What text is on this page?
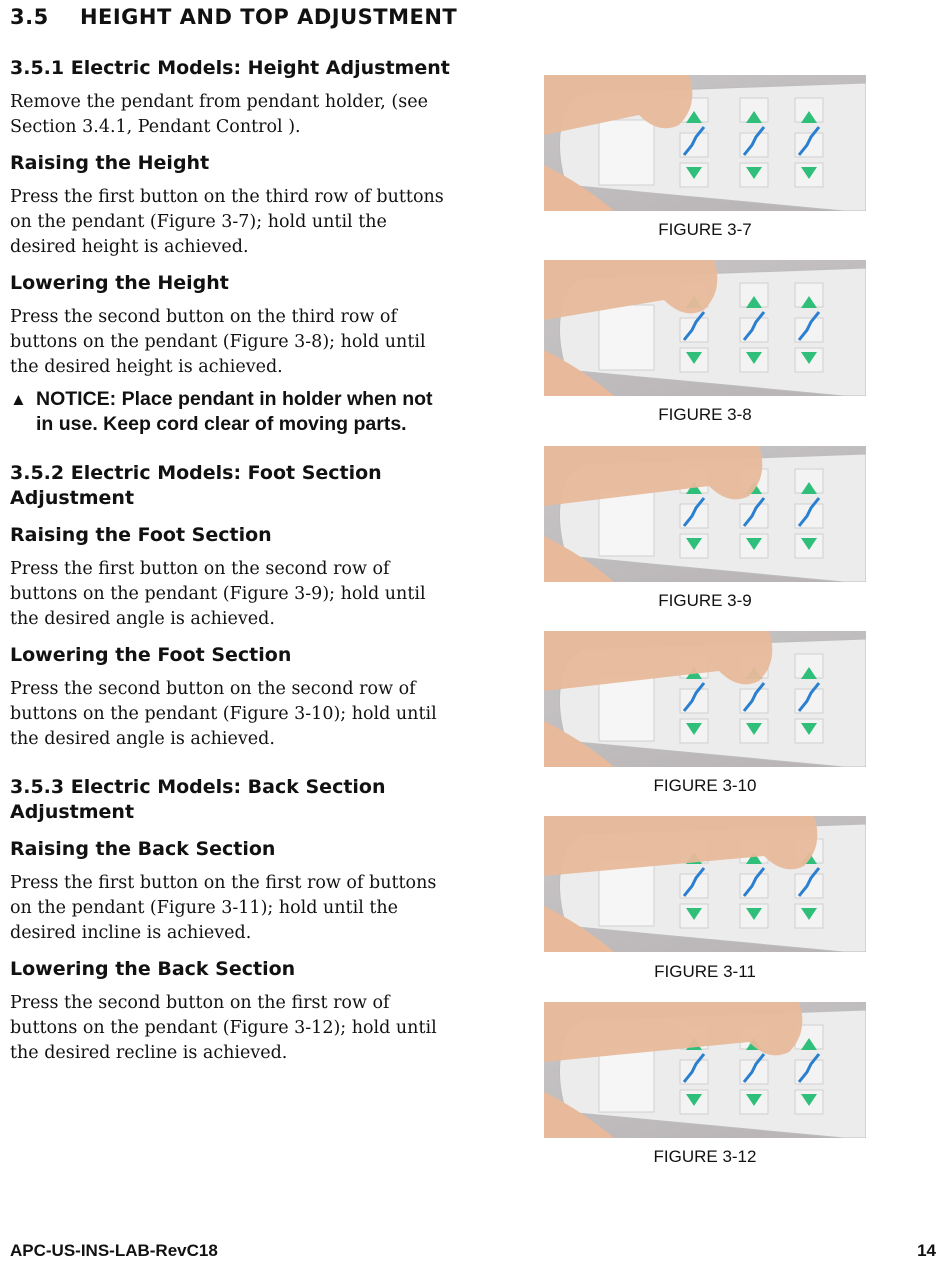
3.5    HEIGHT AND TOP ADJUSTMENT
3.5.1 Electric Models: Height Adjustment
Remove the pendant from pendant holder, (see
Section 3.4.1, Pendant Control ).
Raising the Height
Press the first button on the third row of buttons
on the pendant (Figure 3-7); hold until the
desired height is achieved.
Lowering the Height
Press the second button on the third row of
buttons on the pendant (Figure 3-8); hold until
the desired height is achieved.
▲ NOTICE: Place pendant in holder when not
in use. Keep cord clear of moving parts.
3.5.2 Electric Models: Foot Section
Adjustment
Raising the Foot Section
Press the first button on the second row of
buttons on the pendant (Figure 3-9); hold until
the desired angle is achieved.
Lowering the Foot Section
Press the second button on the second row of
buttons on the pendant (Figure 3-10); hold until
the desired angle is achieved.
3.5.3 Electric Models: Back Section
Adjustment
Raising the Back Section
Press the first button on the first row of buttons
on the pendant (Figure 3-11); hold until the
desired incline is achieved.
Lowering the Back Section
Press the second button on the first row of
buttons on the pendant (Figure 3-12); hold until
the desired recline is achieved.
FIGURE 3-7
FIGURE 3-8
FIGURE 3-9
FIGURE 3-10
FIGURE 3-11
FIGURE 3-12
APC-US-INS-LAB-RevC18	14
